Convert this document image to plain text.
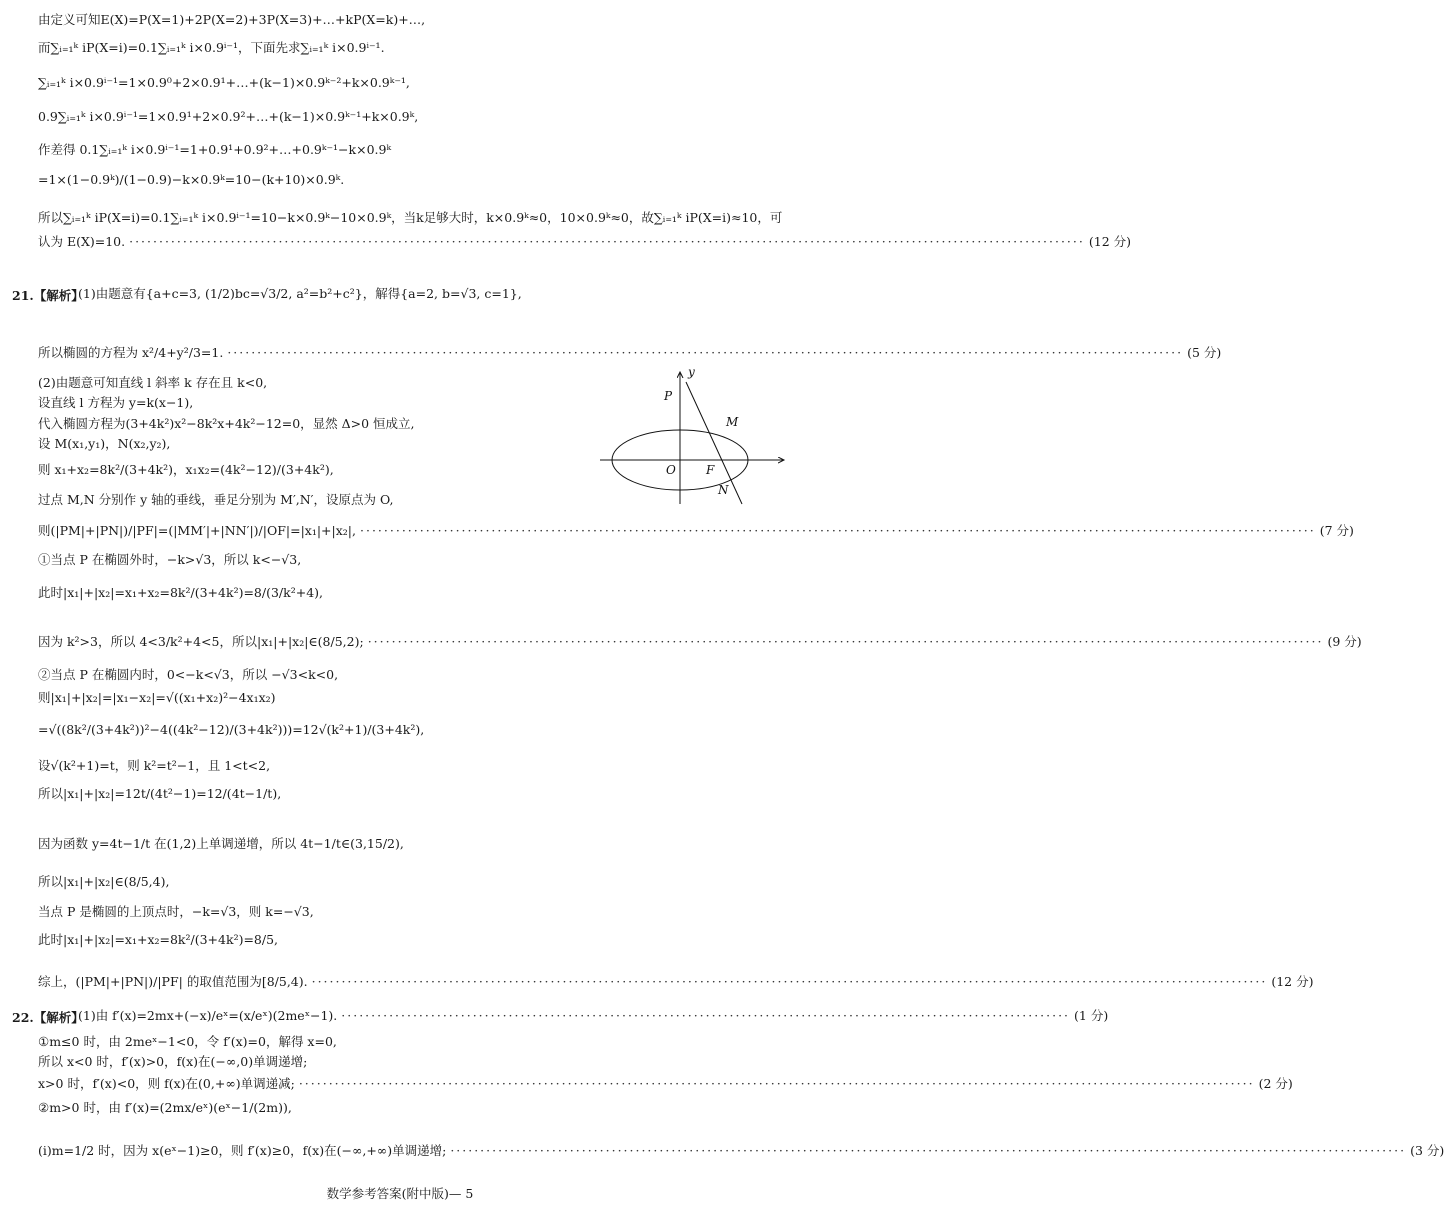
由定义可知E(X)=P(X=1)+2P(X=2)+3P(X=3)+…+kP(X=k)+…,
而∑ᵢ₌₁ᵏ iP(X=i)=0.1∑ᵢ₌₁ᵏ i×0.9ⁱ⁻¹，下面先求∑ᵢ₌₁ᵏ i×0.9ⁱ⁻¹.
∑ᵢ₌₁ᵏ i×0.9ⁱ⁻¹=1×0.9⁰+2×0.9¹+…+(k−1)×0.9ᵏ⁻²+k×0.9ᵏ⁻¹,
0.9∑ᵢ₌₁ᵏ i×0.9ⁱ⁻¹=1×0.9¹+2×0.9²+…+(k−1)×0.9ᵏ⁻¹+k×0.9ᵏ,
作差得 0.1∑ᵢ₌₁ᵏ i×0.9ⁱ⁻¹=1+0.9¹+0.9²+…+0.9ᵏ⁻¹−k×0.9ᵏ
=1×(1−0.9ᵏ)/(1−0.9)−k×0.9ᵏ=10−(k+10)×0.9ᵏ.
所以∑ᵢ₌₁ᵏ iP(X=i)=0.1∑ᵢ₌₁ᵏ i×0.9ⁱ⁻¹=10−k×0.9ᵏ−10×0.9ᵏ，当k足够大时，k×0.9ᵏ≈0，10×0.9ᵏ≈0，故∑ᵢ₌₁ᵏ iP(X=i)≈10，可
(2)由题意可知直线 l 斜率 k 存在且 k<0,
设直线 l 方程为 y=k(x−1),
代入椭圆方程为(3+4k²)x²−8k²x+4k²−12=0，显然 Δ>0 恒成立,
设 M(x₁,y₁)，N(x₂,y₂),
则 x₁+x₂=8k²/(3+4k²)，x₁x₂=(4k²−12)/(3+4k²),
过点 M,N 分别作 y 轴的垂线，垂足分别为 M′,N′，设原点为 O,
①当点 P 在椭圆外时，−k>√3，所以 k<−√3,
此时|x₁|+|x₂|=x₁+x₂=8k²/(3+4k²)=8/(3/k²+4),
②当点 P 在椭圆内时，0<−k<√3，所以 −√3<k<0,
则|x₁|+|x₂|=|x₁−x₂|=√((x₁+x₂)²−4x₁x₂)
=√((8k²/(3+4k²))²−4((4k²−12)/(3+4k²)))=12√(k²+1)/(3+4k²),
设√(k²+1)=t，则 k²=t²−1，且 1<t<2,
所以|x₁|+|x₂|=12t/(4t²−1)=12/(4t−1/t),
因为函数 y=4t−1/t 在(1,2)上单调递增，所以 4t−1/t∈(3,15/2),
所以|x₁|+|x₂|∈(8/5,4),
当点 P 是椭圆的上顶点时，−k=√3，则 k=−√3,
此时|x₁|+|x₂|=x₁+x₂=8k²/(3+4k²)=8/5,
①m≤0 时，由 2meˣ−1<0，令 f′(x)=0，解得 x=0,
所以 x<0 时，f′(x)>0，f(x)在(−∞,0)单调递增;
②m>0 时，由 f′(x)=(2mx/eˣ)(eˣ−1/(2m)),
认为 E(X)=10. ································································································································································ (12 分)
所以椭圆的方程为 x²/4+y²/3=1. ································································································································································ (5 分)
则(|PM|+|PN|)/|PF|=(|MM′|+|NN′|)/|OF|=|x₁|+|x₂|, ································································································································································ (7 分)
因为 k²>3，所以 4<3/k²+4<5，所以|x₁|+|x₂|∈(8/5,2); ································································································································································ (9 分)
综上，(|PM|+|PN|)/|PF| 的取值范围为[8/5,4). ································································································································································ (12 分)
x>0 时，f′(x)<0，则 f(x)在(0,+∞)单调递减; ································································································································································ (2 分)
(i)m=1/2 时，因为 x(eˣ−1)≥0，则 f′(x)≥0，f(x)在(−∞,+∞)单调递增; ································································································································································ (3 分)
21.【解析】
(1)由题意有{a+c=3, (1/2)bc=√3/2, a²=b²+c²}，解得{a=2, b=√3, c=1},
22.【解析】
(1)由 f′(x)=2mx+(−x)/eˣ=(x/eˣ)(2meˣ−1). ·························································································································· (1 分)
y
P
M
O	F
N
数学参考答案(附中版)— 5
